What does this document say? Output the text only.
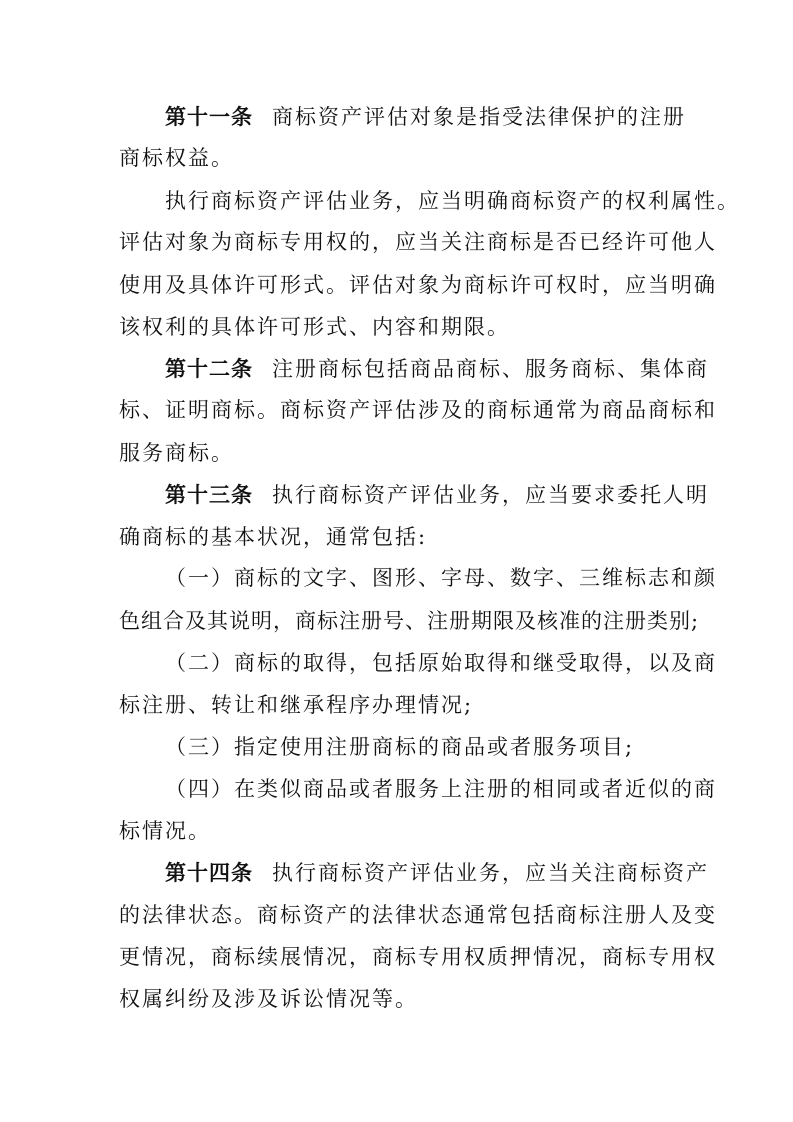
第十一条 商标资产评估对象是指受法律保护的注册
商标权益。
执行商标资产评估业务，应当明确商标资产的权利属性。
评估对象为商标专用权的，应当关注商标是否已经许可他人
使用及具体许可形式。评估对象为商标许可权时，应当明确
该权利的具体许可形式、内容和期限。
第十二条 注册商标包括商品商标、服务商标、集体商
标、证明商标。商标资产评估涉及的商标通常为商品商标和
服务商标。
第十三条 执行商标资产评估业务，应当要求委托人明
确商标的基本状况，通常包括:
（一）商标的文字、图形、字母、数字、三维标志和颜
色组合及其说明，商标注册号、注册期限及核准的注册类别;
（二）商标的取得，包括原始取得和继受取得，以及商
标注册、转让和继承程序办理情况;
（三）指定使用注册商标的商品或者服务项目;
（四）在类似商品或者服务上注册的相同或者近似的商
标情况。
第十四条 执行商标资产评估业务，应当关注商标资产
的法律状态。商标资产的法律状态通常包括商标注册人及变
更情况，商标续展情况，商标专用权质押情况，商标专用权
权属纠纷及涉及诉讼情况等。
